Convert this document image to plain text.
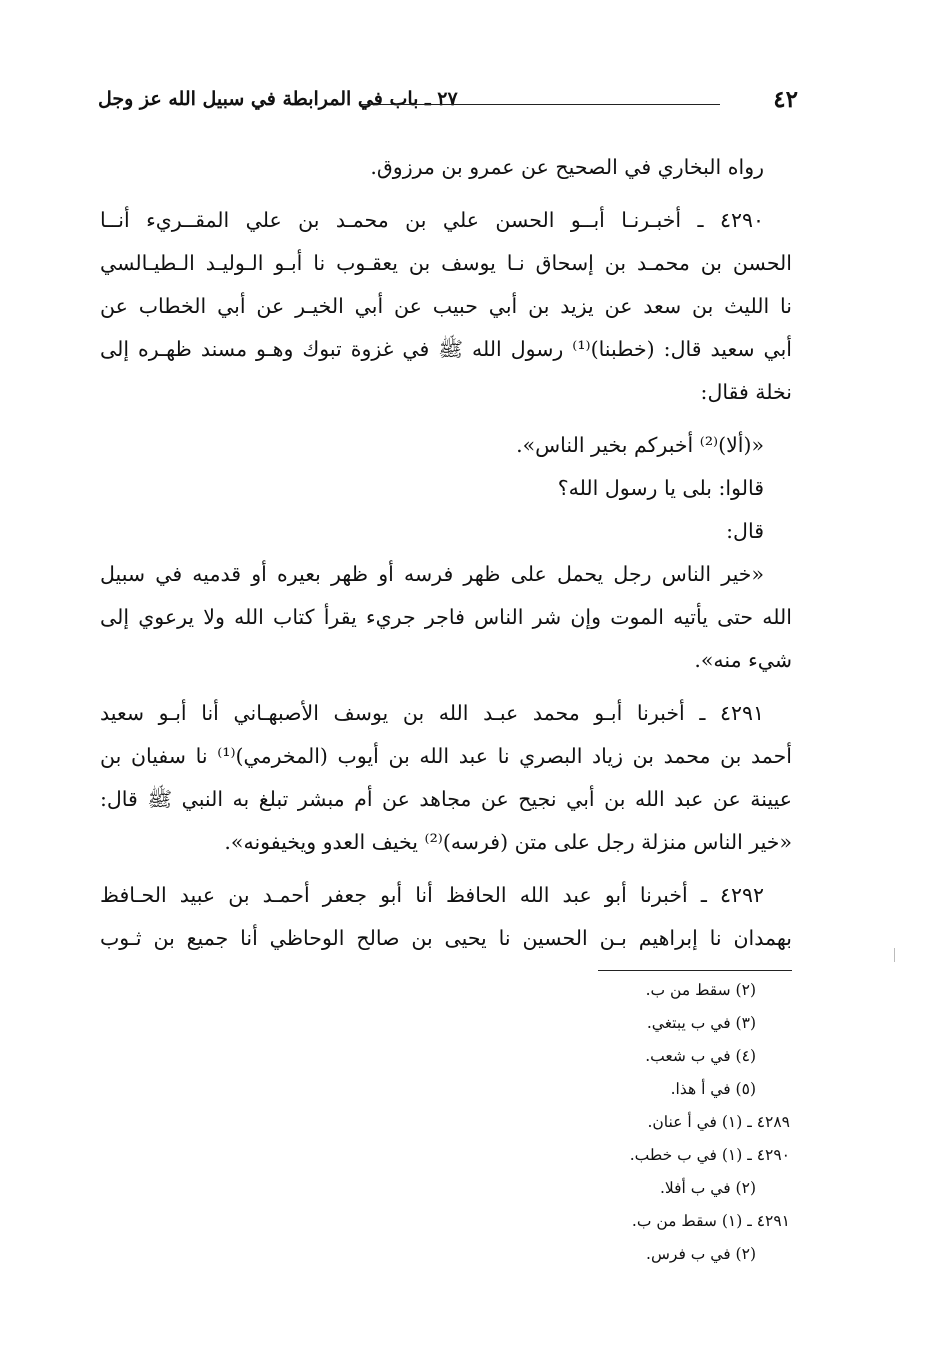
٢٧ ـ باب في المرابطة في سبيل الله عز وجل	٤٢
رواه البخاري في الصحيح عن عمرو بن مرزوق.
٤٢٩٠ ـ أخبـرنـا أبــو الحسن علي بن محمـد بن علي المقــريء أنــا
الحسن بن محمـد بن إسحاق نـا يوسف بن يعقـوب نا أبـو الـوليـد الـطيـالسي
نا الليث بن سعد عن يزيد بن أبي حبيب عن أبي الخيـر عن أبي الخطاب عن
أبي سعيد قال: (خطبنا)⁽¹⁾ رسول الله ﷺ في غزوة تبوك وهـو مسند ظهـره إلى
نخلة فقال:
«(ألا)⁽²⁾ أخبركم بخير الناس».
قالوا: بلى يا رسول الله؟
قال:
«خير الناس رجل يحمل على ظهر فرسه أو ظهر بعيره أو قدميه في سبيل
الله حتى يأتيه الموت وإن شر الناس فاجر جريء يقرأ كتاب الله ولا يرعوي إلى
شيء منه».
٤٢٩١ ـ أخبرنا أبـو محمد عبـد الله بن يوسف الأصبهـاني أنا أبـو سعيد
أحمد بن محمد بن زياد البصري نا عبد الله بن أيوب (المخرمي)⁽¹⁾ نا سفيان بن
عيينة عن عبد الله بن أبي نجيح عن مجاهد عن أم مبشر تبلغ به النبي ﷺ قال:
«خير الناس منزلة رجل على متن (فرسه)⁽²⁾ يخيف العدو ويخيفونه».
٤٢٩٢ ـ أخبرنا أبو عبد الله الحافظ أنا أبو جعفر أحمـد بن عبيد الحـافظ
بهمدان نا إبراهيم بـن الحسين نا يحيى بن صالح الوحاظي أنا جميع بن ثـوب
(٢) سقط من ب.
(٣) في ب يبتغي.
(٤) في ب شعب.
(٥) في أ هذا.
٤٢٨٩ ـ (١) في أ عنان.
٤٢٩٠ ـ (١) في ب خطب.
(٢) في ب أفلا.
٤٢٩١ ـ (١) سقط من ب.
(٢) في ب فرس.
